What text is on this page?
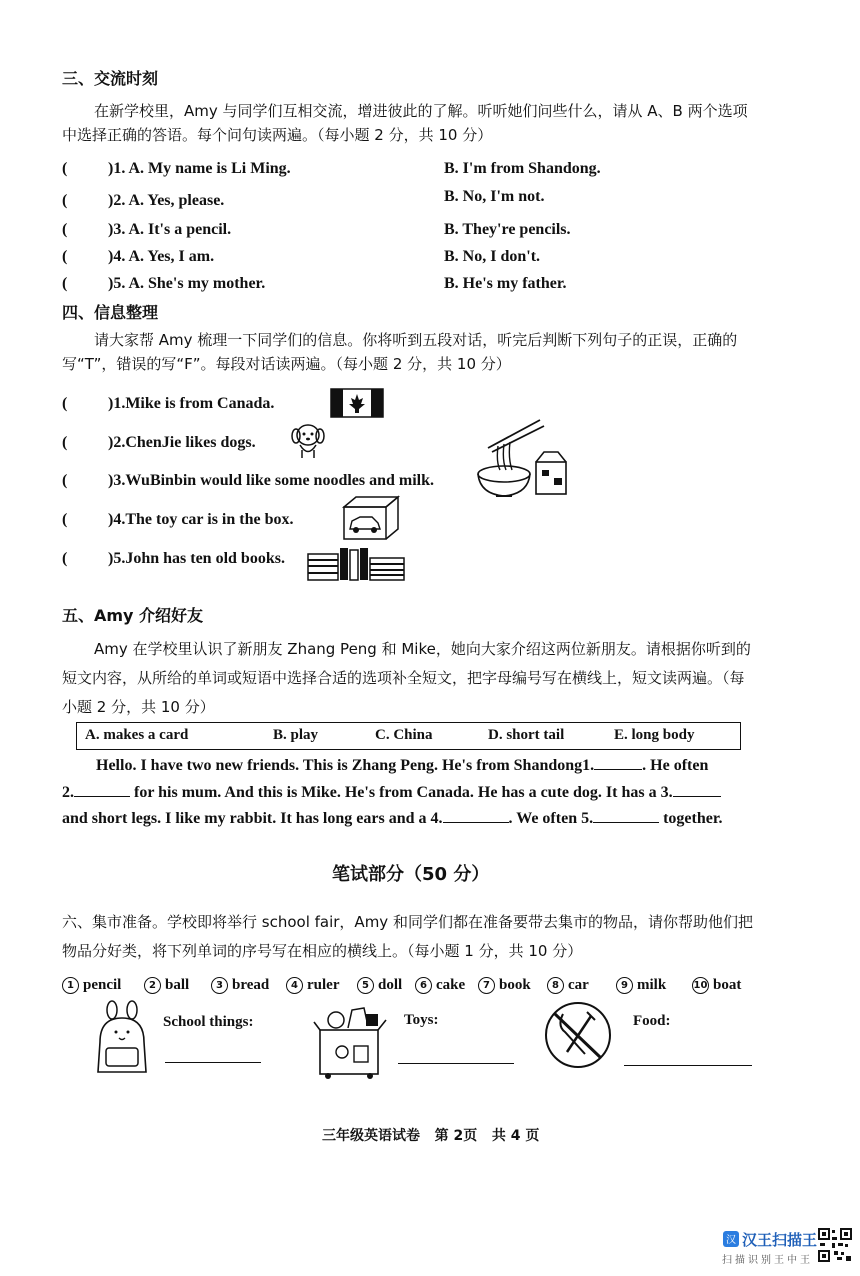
三、交流时刻
在新学校里，Amy 与同学们互相交流，增进彼此的了解。听听她们问些什么，请从 A、B 两个选项中选择正确的答语。每个问句读两遍。（每小题 2 分，共 10 分）
(	)1. A. My name is Li Ming.	B. I'm from Shandong.
(	)2. A. Yes, please.	B. No, I'm not.
(	)3. A. It's a pencil.	B. They're pencils.
(	)4. A. Yes, I am.	B. No, I don't.
(	)5. A. She's my mother.	B. He's my father.
四、信息整理
请大家帮 Amy 梳理一下同学们的信息。你将听到五段对话，听完后判断下列句子的正误，正确的写“T”，错误的写“F”。每段对话读两遍。（每小题 2 分，共 10 分）
(	)1.Mike is from Canada.
(	)2.ChenJie likes dogs.
(	)3.WuBinbin would like some noodles and milk.
(	)4.The toy car is in the box.
(	)5.John has ten old books.
五、Amy 介绍好友
Amy 在学校里认识了新朋友 Zhang Peng 和 Mike，她向大家介绍这两位新朋友。请根据你听到的短文内容，从所给的单词或短语中选择合适的选项补全短文，把字母编号写在横线上，短文读两遍。（每小题 2 分，共 10 分）
A. makes a card	B. play	C. China	D. short tail	E. long body
Hello. I have two new friends. This is Zhang Peng. He's from Shandong1.	. He often
2.	for his mum. And this is Mike. He's from Canada. He has a cute dog. It has a 3.
and short legs. I like my rabbit. It has long ears and a 4.	. We often 5.	together.
笔试部分（50 分）
六、集市准备。学校即将举行 school fair，Amy 和同学们都在准备要带去集市的物品，请你帮助他们把物品分好类，将下列单词的序号写在相应的横线上。（每小题 1 分，共 10 分）
1 pencil	2 ball	3 bread	4 ruler	5 doll	6 cake	7 book	8 car	9 milk	10 boat
School things:	Toys:	Food:
三年级英语试卷   第 2页   共 4 页
汉 汉王扫描王
扫描识别王中王
